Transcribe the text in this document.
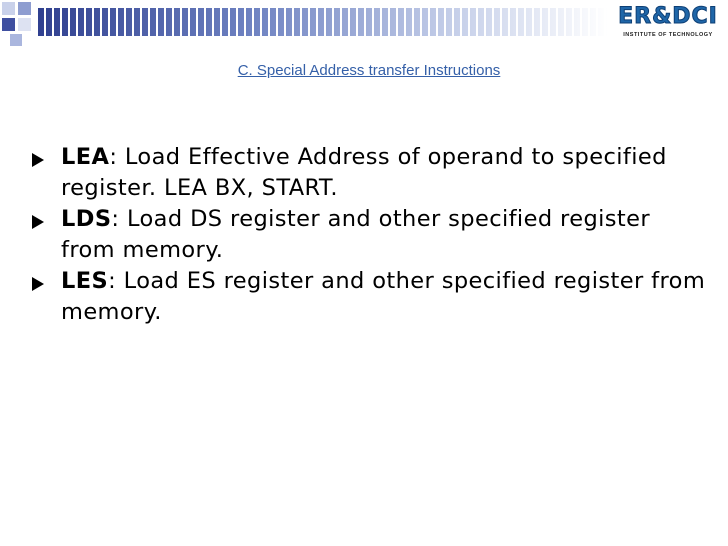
ER&DCI
INSTITUTE OF TECHNOLOGY
C. Special Address transfer Instructions
LEA: Load Effective Address of operand to specified register. LEA BX, START.
LDS: Load DS register and other specified register from memory.
LES: Load ES register and other specified register from memory.
